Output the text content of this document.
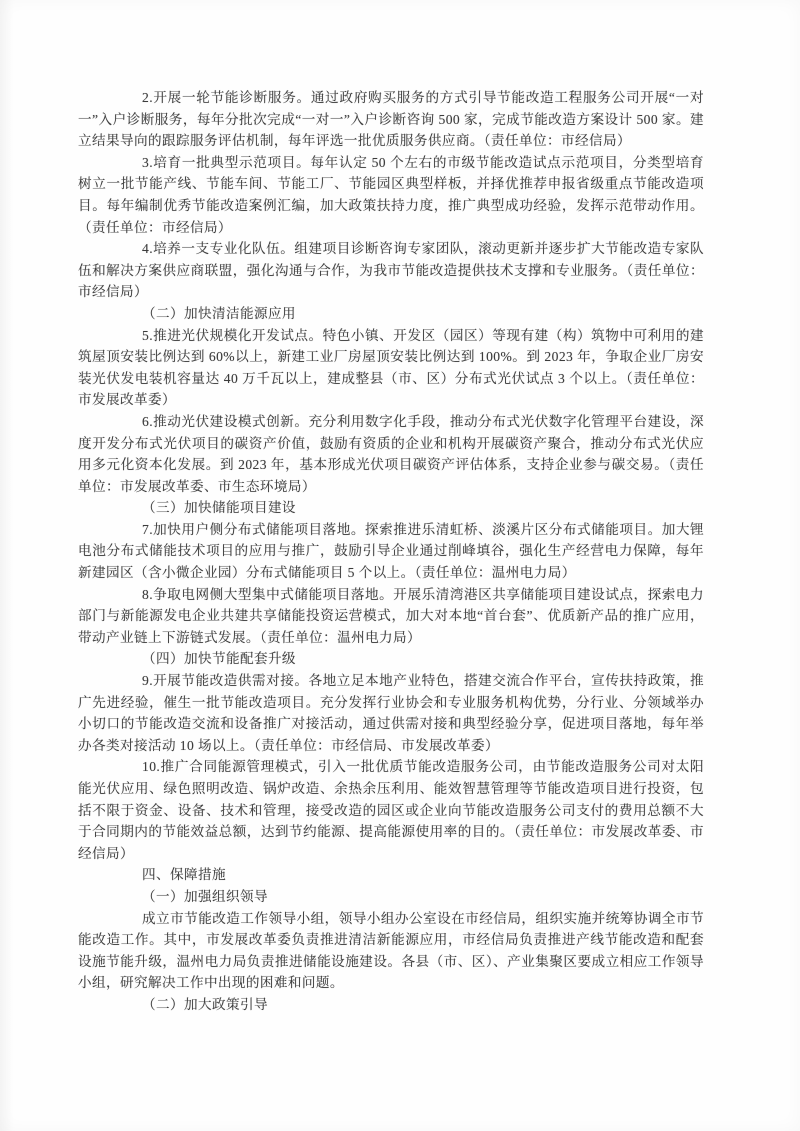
2.开展一轮节能诊断服务。通过政府购买服务的方式引导节能改造工程服务公司开展“一对一”入户诊断服务，每年分批次完成“一对一”入户诊断咨询 500 家，完成节能改造方案设计 500 家。建立结果导向的跟踪服务评估机制，每年评选一批优质服务供应商。（责任单位：市经信局）

3.培育一批典型示范项目。每年认定 50 个左右的市级节能改造试点示范项目，分类型培育树立一批节能产线、节能车间、节能工厂、节能园区典型样板，并择优推荐申报省级重点节能改造项目。每年编制优秀节能改造案例汇编，加大政策扶持力度，推广典型成功经验，发挥示范带动作用。（责任单位：市经信局）

4.培养一支专业化队伍。组建项目诊断咨询专家团队，滚动更新并逐步扩大节能改造专家队伍和解决方案供应商联盟，强化沟通与合作，为我市节能改造提供技术支撑和专业服务。（责任单位：市经信局）

（二）加快清洁能源应用

5.推进光伏规模化开发试点。特色小镇、开发区（园区）等现有建（构）筑物中可利用的建筑屋顶安装比例达到 60%以上，新建工业厂房屋顶安装比例达到 100%。到 2023 年，争取企业厂房安装光伏发电装机容量达 40 万千瓦以上，建成整县（市、区）分布式光伏试点 3 个以上。（责任单位：市发展改革委）

6.推动光伏建设模式创新。充分利用数字化手段，推动分布式光伏数字化管理平台建设，深度开发分布式光伏项目的碳资产价值，鼓励有资质的企业和机构开展碳资产聚合，推动分布式光伏应用多元化资本化发展。到 2023 年，基本形成光伏项目碳资产评估体系，支持企业参与碳交易。（责任单位：市发展改革委、市生态环境局）

（三）加快储能项目建设

7.加快用户侧分布式储能项目落地。探索推进乐清虹桥、淡溪片区分布式储能项目。加大锂电池分布式储能技术项目的应用与推广，鼓励引导企业通过削峰填谷，强化生产经营电力保障，每年新建园区（含小微企业园）分布式储能项目 5 个以上。（责任单位：温州电力局）

8.争取电网侧大型集中式储能项目落地。开展乐清湾港区共享储能项目建设试点，探索电力部门与新能源发电企业共建共享储能投资运营模式，加大对本地“首台套”、优质新产品的推广应用，带动产业链上下游链式发展。（责任单位：温州电力局）

（四）加快节能配套升级

9.开展节能改造供需对接。各地立足本地产业特色，搭建交流合作平台，宣传扶持政策，推广先进经验，催生一批节能改造项目。充分发挥行业协会和专业服务机构优势，分行业、分领域举办小切口的节能改造交流和设备推广对接活动，通过供需对接和典型经验分享，促进项目落地，每年举办各类对接活动 10 场以上。（责任单位：市经信局、市发展改革委）

10.推广合同能源管理模式，引入一批优质节能改造服务公司，由节能改造服务公司对太阳能光伏应用、绿色照明改造、锅炉改造、余热余压利用、能效智慧管理等节能改造项目进行投资，包括不限于资金、设备、技术和管理，接受改造的园区或企业向节能改造服务公司支付的费用总额不大于合同期内的节能效益总额，达到节约能源、提高能源使用率的目的。（责任单位：市发展改革委、市经信局）

四、保障措施

（一）加强组织领导

成立市节能改造工作领导小组，领导小组办公室设在市经信局，组织实施并统筹协调全市节能改造工作。其中，市发展改革委负责推进清洁新能源应用，市经信局负责推进产线节能改造和配套设施节能升级，温州电力局负责推进储能设施建设。各县（市、区）、产业集聚区要成立相应工作领导小组，研究解决工作中出现的困难和问题。

（二）加大政策引导
